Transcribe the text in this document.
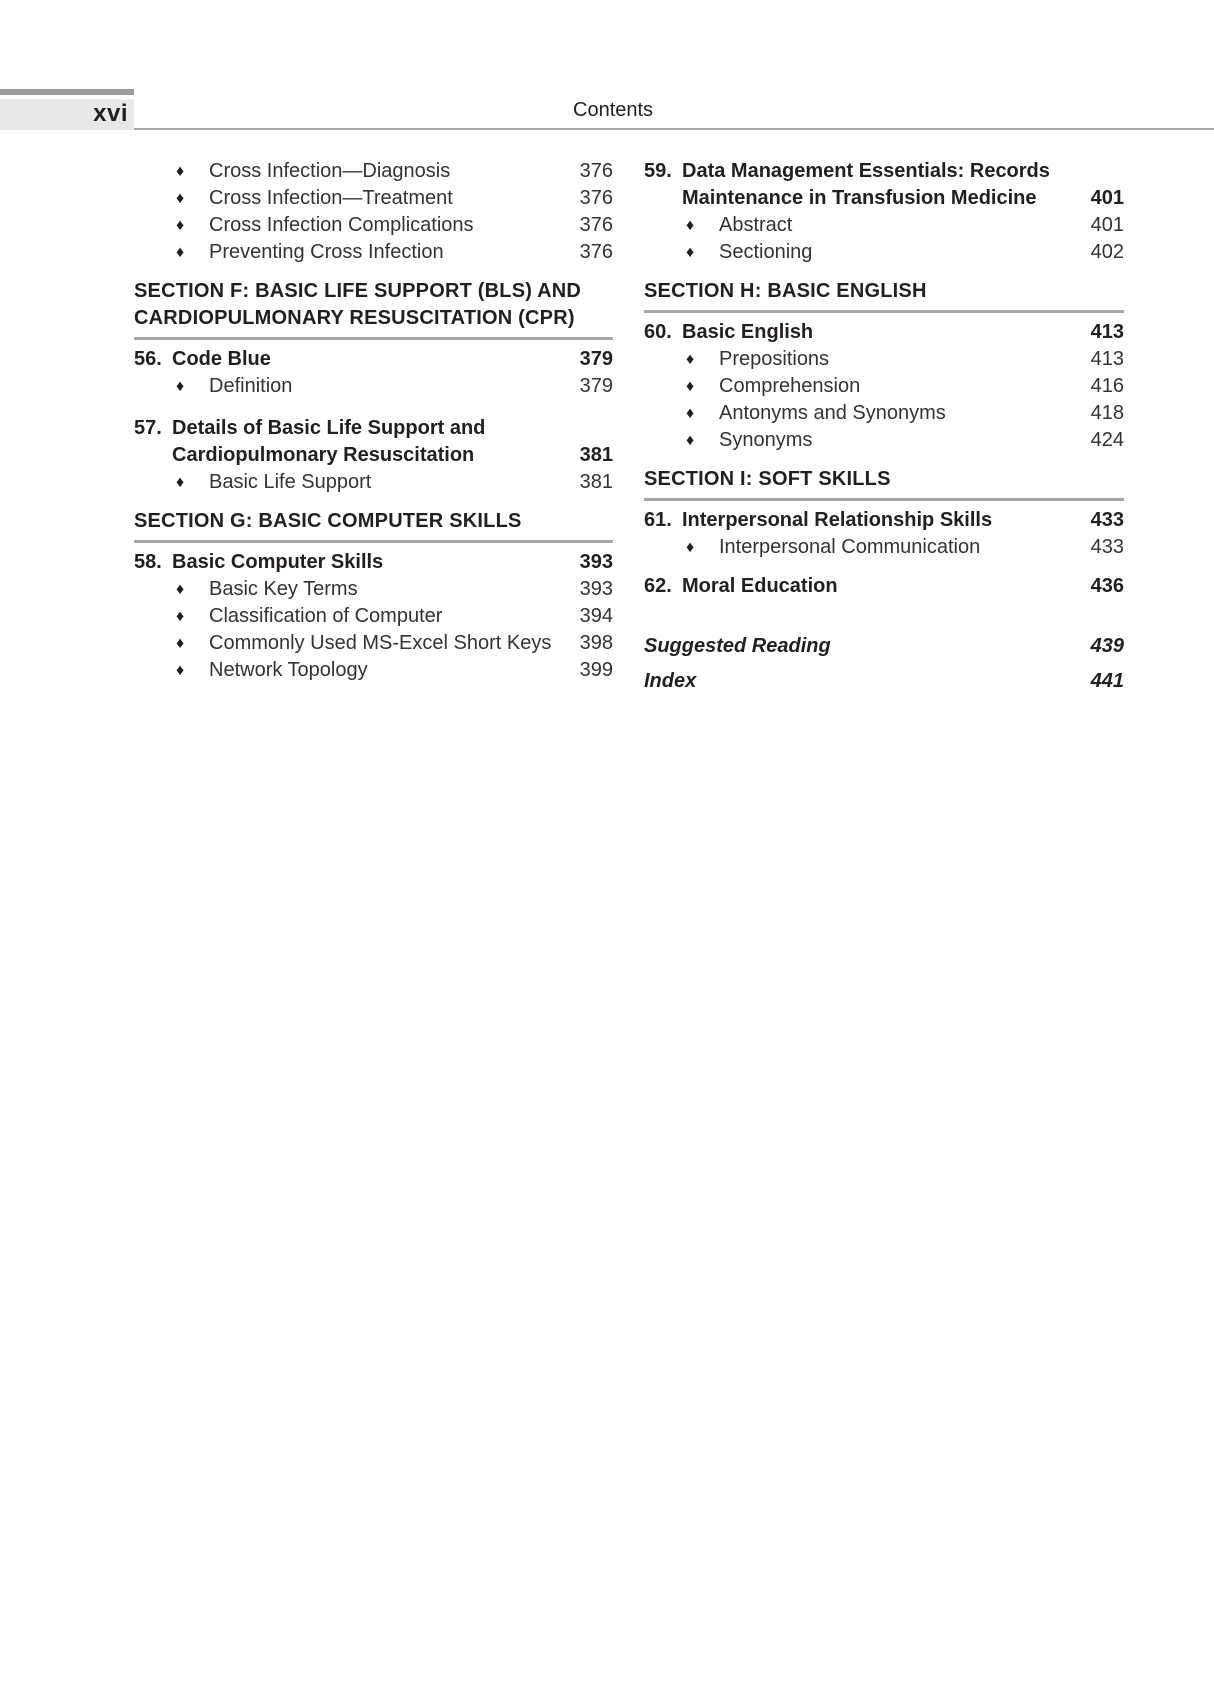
xvi	Contents
♦ Cross Infection—Diagnosis	376
♦ Cross Infection—Treatment	376
♦ Cross Infection Complications	376
♦ Preventing Cross Infection	376
SECTION F: BASIC LIFE SUPPORT (BLS) AND
CARDIOPULMONARY RESUSCITATION (CPR)
56. Code Blue	379
♦ Definition	379
57. Details of Basic Life Support and
Cardiopulmonary Resuscitation	381
♦ Basic Life Support	381
SECTION G: BASIC COMPUTER SKILLS
58. Basic Computer Skills	393
♦ Basic Key Terms	393
♦ Classification of Computer	394
♦ Commonly Used MS-Excel Short Keys 398
♦ Network Topology	399
59. Data Management Essentials: Records
Maintenance in Transfusion Medicine	401
♦ Abstract	401
♦ Sectioning	402
SECTION H: BASIC ENGLISH
60. Basic English	413
♦ Prepositions	413
♦ Comprehension	416
♦ Antonyms and Synonyms	418
♦ Synonyms	424
SECTION I: SOFT SKILLS
61. Interpersonal Relationship Skills	433
♦ Interpersonal Communication	433
62. Moral Education	436
Suggested Reading	439
Index	441
